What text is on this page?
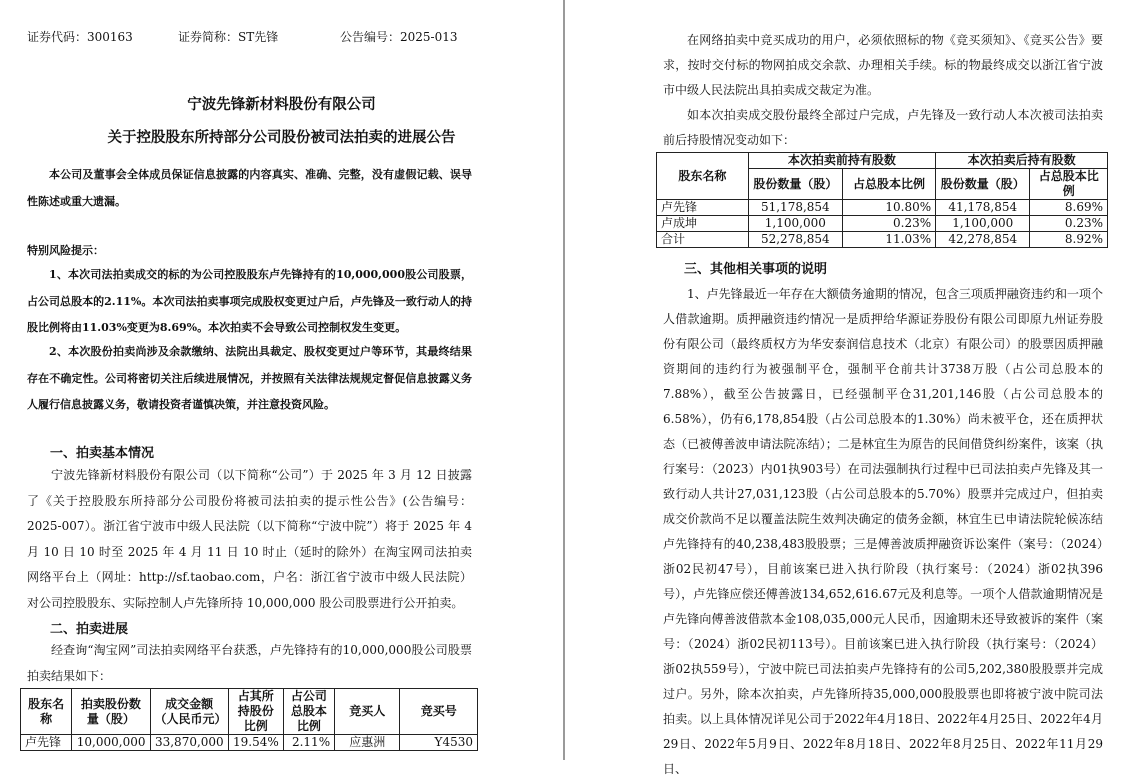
证券代码：300163	证券简称：ST先锋	公告编号：2025-013
宁波先锋新材料股份有限公司
关于控股股东所持部分公司股份被司法拍卖的进展公告
本公司及董事会全体成员保证信息披露的内容真实、准确、完整，没有虚假记载、误导性陈述或重大遗漏。
特别风险提示：
1、本次司法拍卖成交的标的为公司控股股东卢先锋持有的10,000,000股公司股票，占公司总股本的2.11%。本次司法拍卖事项完成股权变更过户后，卢先锋及一致行动人的持股比例将由11.03%变更为8.69%。本次拍卖不会导致公司控制权发生变更。
2、本次股份拍卖尚涉及余款缴纳、法院出具裁定、股权变更过户等环节，其最终结果存在不确定性。公司将密切关注后续进展情况，并按照有关法律法规规定督促信息披露义务人履行信息披露义务，敬请投资者谨慎决策，并注意投资风险。
一、拍卖基本情况
宁波先锋新材料股份有限公司（以下简称“公司”）于 2025 年 3 月 12 日披露了《关于控股股东所持部分公司股份将被司法拍卖的提示性公告》(公告编号：2025-007）。浙江省宁波市中级人民法院（以下简称“宁波中院”）将于 2025 年 4 月 10 日 10 时至 2025 年 4 月 11 日 10 时止（延时的除外）在淘宝网司法拍卖网络平台上（网址：http://sf.taobao.com，户名：浙江省宁波市中级人民法院）对公司控股股东、实际控制人卢先锋所持 10,000,000 股公司股票进行公开拍卖。
二、拍卖进展
经查询“淘宝网”司法拍卖网络平台获悉，卢先锋持有的10,000,000股公司股票拍卖结果如下：
股东名称	拍卖股份数量（股）	成交金额（人民币元）	占其所持股份比例	占公司总股本比例	竞买人	竞买号
卢先锋	10,000,000	33,870,000	19.54%	2.11%	应惠洲	Y4530
在网络拍卖中竞买成功的用户，必须依照标的物《竞买须知》、《竞买公告》要求，按时交付标的物网拍成交余款、办理相关手续。标的物最终成交以浙江省宁波市中级人民法院出具拍卖成交裁定为准。
如本次拍卖成交股份最终全部过户完成，卢先锋及一致行动人本次被司法拍卖前后持股情况变动如下：
股东名称	本次拍卖前持有股数		本次拍卖后持有股数	
	股份数量（股）	占总股本比例	股份数量（股）	占总股本比例
卢先锋	51,178,854	10.80%	41,178,854	8.69%
卢成坤	1,100,000	0.23%	1,100,000	0.23%
合计	52,278,854	11.03%	42,278,854	8.92%
三、其他相关事项的说明
1、卢先锋最近一年存在大额债务逾期的情况，包含三项质押融资违约和一项个人借款逾期。质押融资违约情况一是质押给华源证券股份有限公司即原九州证券股份有限公司（最终质权方为华安泰润信息技术（北京）有限公司）的股票因质押融资期间的违约行为被强制平仓，强制平仓前共计3738万股（占公司总股本的7.88%），截至公告披露日，已经强制平仓31,201,146股（占公司总股本的6.58%），仍有6,178,854股（占公司总股本的1.30%）尚未被平仓，还在质押状态（已被傅善波申请法院冻结）；二是林宜生为原告的民间借贷纠纷案件，该案（执行案号：（2023）内01执903号）在司法强制执行过程中已司法拍卖卢先锋及其一致行动人共计27,031,123股（占公司总股本的5.70%）股票并完成过户，但拍卖成交价款尚不足以覆盖法院生效判决确定的债务金额，林宜生已申请法院轮候冻结卢先锋持有的40,238,483股股票；三是傅善波质押融资诉讼案件（案号：（2024）浙02民初47号），目前该案已进入执行阶段（执行案号：（2024）浙02执396号），卢先锋应偿还傅善波134,652,616.67元及利息等。一项个人借款逾期情况是卢先锋向傅善波借款本金108,035,000元人民币，因逾期未还导致被诉的案件（案号：（2024）浙02民初113号）。目前该案已进入执行阶段（执行案号：（2024）浙02执559号），宁波中院已司法拍卖卢先锋持有的公司5,202,380股股票并完成过户。另外，除本次拍卖，卢先锋所持35,000,000股股票也即将被宁波中院司法拍卖。以上具体情况详见公司于2022年4月18日、2022年4月25日、2022年4月29日、2022年5月9日、2022年8月18日、2022年8月25日、2022年11月29日、
